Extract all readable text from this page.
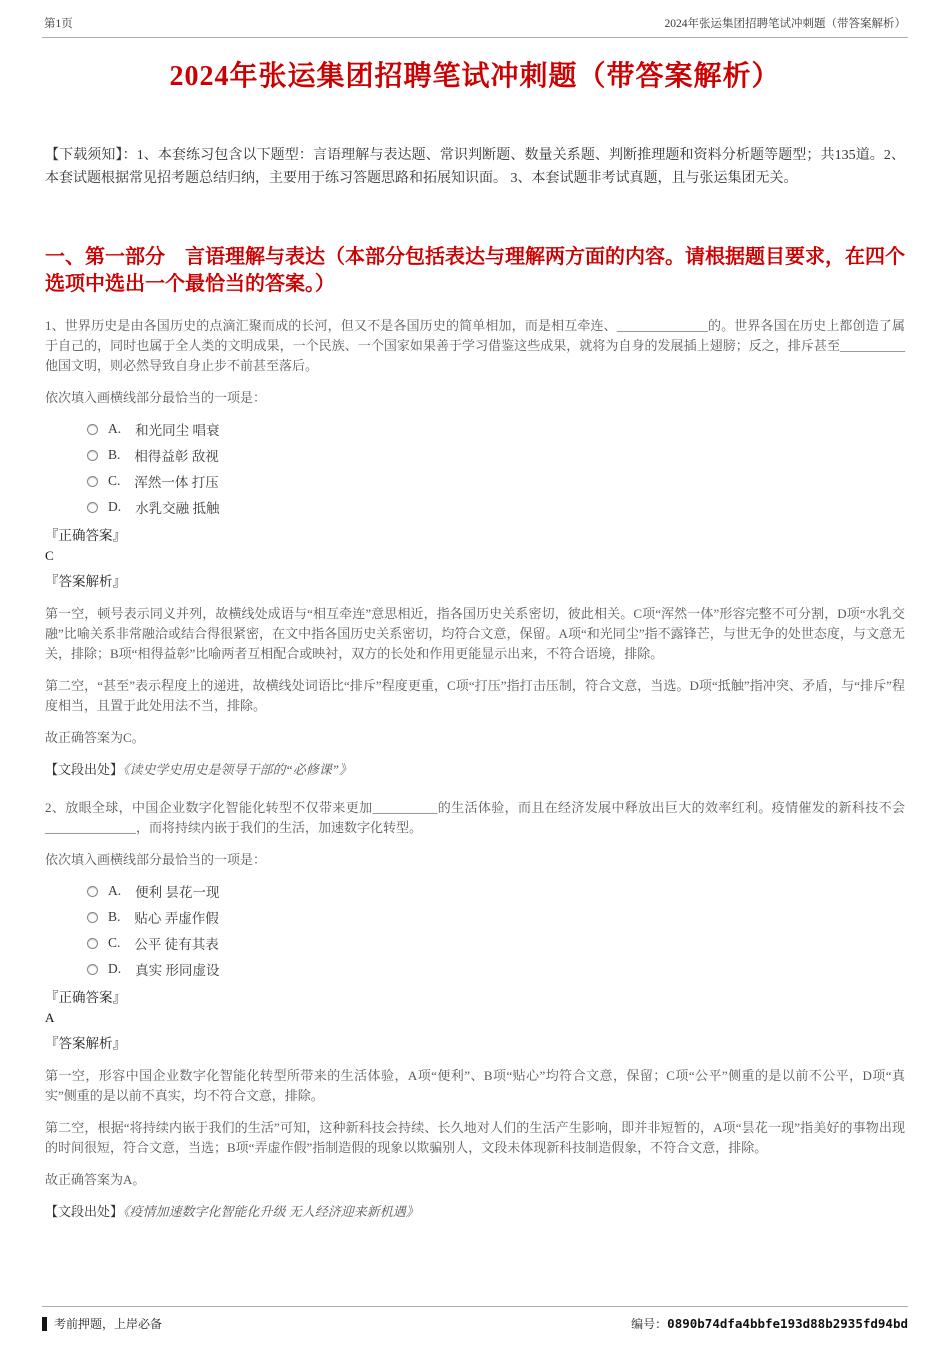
第1页	2024年张运集团招聘笔试冲刺题（带答案解析）
2024年张运集团招聘笔试冲刺题（带答案解析）

【下载须知】：1、本套练习包含以下题型：言语理解与表达题、常识判断题、数量关系题、判断推理题和资料分析题等题型；共135道。2、本套试题根据常见招考题总结归纳，主要用于练习答题思路和拓展知识面。 3、本套试题非考试真题，且与张运集团无关。

一、第一部分　言语理解与表达（本部分包括表达与理解两方面的内容。请根据题目要求，在四个选项中选出一个最恰当的答案。）

1、世界历史是由各国历史的点滴汇聚而成的长河，但又不是各国历史的简单相加，而是相互牵连、______________的。世界各国在历史上都创造了属于自己的，同时也属于全人类的文明成果，一个民族、一个国家如果善于学习借鉴这些成果，就将为自身的发展插上翅膀；反之，排斥甚至__________他国文明，则必然导致自身止步不前甚至落后。

依次填入画横线部分最恰当的一项是：

A. 和光同尘 唱衰
B. 相得益彰 敌视
C. 浑然一体 打压
D. 水乳交融 抵触

『正确答案』

C

『答案解析』

第一空，顿号表示同义并列，故横线处成语与“相互牵连”意思相近，指各国历史关系密切，彼此相关。C项“浑然一体”形容完整不可分割，D项“水乳交融”比喻关系非常融洽或结合得很紧密，在文中指各国历史关系密切，均符合文意，保留。A项“和光同尘”指不露锋芒，与世无争的处世态度，与文意无关，排除；B项“相得益彰”比喻两者互相配合或映衬，双方的长处和作用更能显示出来，不符合语境，排除。

第二空，“甚至”表示程度上的递进，故横线处词语比“排斥”程度更重，C项“打压”指打击压制，符合文意，当选。D项“抵触”指冲突、矛盾，与“排斥”程度相当，且置于此处用法不当，排除。

故正确答案为C。

【文段出处】《读史学史用史是领导干部的“必修课”》

2、放眼全球，中国企业数字化智能化转型不仅带来更加__________的生活体验，而且在经济发展中释放出巨大的效率红利。疫情催发的新科技不会______________，而将持续内嵌于我们的生活，加速数字化转型。

依次填入画横线部分最恰当的一项是：

A. 便利 昙花一现
B. 贴心 弄虚作假
C. 公平 徒有其表
D. 真实 形同虚设

『正确答案』

A

『答案解析』

第一空，形容中国企业数字化智能化转型所带来的生活体验，A项“便利”、B项“贴心”均符合文意，保留；C项“公平”侧重的是以前不公平，D项“真实”侧重的是以前不真实，均不符合文意，排除。

第二空，根据“将持续内嵌于我们的生活”可知，这种新科技会持续、长久地对人们的生活产生影响，即并非短暂的，A项“昙花一现”指美好的事物出现的时间很短，符合文意，当选；B项“弄虚作假”指制造假的现象以欺骗别人，文段未体现新科技制造假象，不符合文意，排除。

故正确答案为A。

【文段出处】《疫情加速数字化智能化升级 无人经济迎来新机遇》

考前押题，上岸必备	编号：0890b74dfa4bbfe193d88b2935fd94bd
